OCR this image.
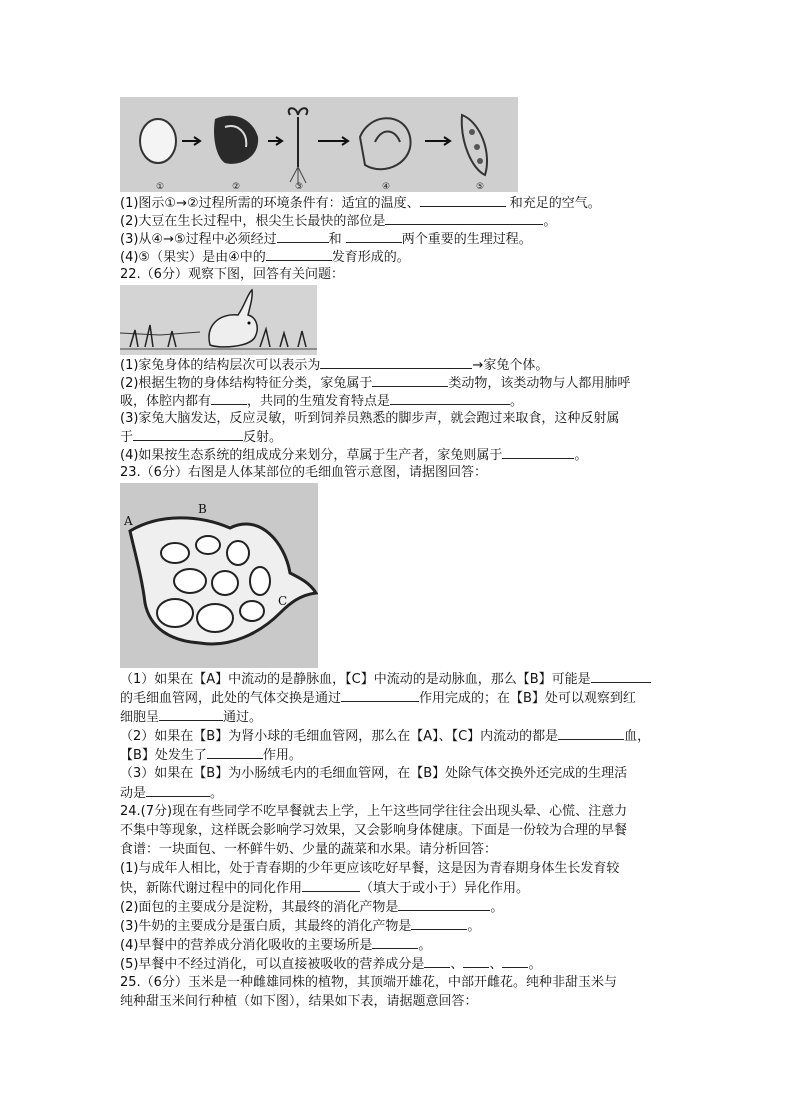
①	②	③	④	⑤
(1)图示①→②过程所需的环境条件有：适宜的温度、	和充足的空气。
(2)大豆在生长过程中，根尖生长最快的部位是	。
(3)从④→⑤过程中必须经过	和	两个重要的生理过程。
(4)⑤（果实）是由④中的	发育形成的。
22.（6分）观察下图，回答有关问题：
(1)家兔身体的结构层次可以表示为	→家兔个体。
(2)根据生物的身体结构特征分类，家兔属于	类动物，该类动物与人都用肺呼
吸，体腔内都有	，共同的生殖发育特点是	。
(3)家兔大脑发达，反应灵敏，听到饲养员熟悉的脚步声，就会跑过来取食，这种反射属
于	反射。
(4)如果按生态系统的组成成分来划分，草属于生产者，家兔则属于	。
23.（6分）右图是人体某部位的毛细血管示意图，请据图回答：
A
B
C
（1）如果在【A】中流动的是静脉血，【C】中流动的是动脉血，那么【B】可能是
的毛细血管网，此处的气体交换是通过	作用完成的；在【B】处可以观察到红
细胞呈	通过。
（2）如果在【B】为肾小球的毛细血管网，那么在【A】、【C】内流动的都是	血，
【B】处发生了	作用。
（3）如果在【B】为小肠绒毛内的毛细血管网，在【B】处除气体交换外还完成的生理活
动是	。
24.(7分)现在有些同学不吃早餐就去上学，上午这些同学往往会出现头晕、心慌、注意力
不集中等现象，这样既会影响学习效果，又会影响身体健康。下面是一份较为合理的早餐
食谱：一块面包、一杯鲜牛奶、少量的蔬菜和水果。请分析回答：
(1)与成年人相比，处于青春期的少年更应该吃好早餐，这是因为青春期身体生长发育较
快，新陈代谢过程中的同化作用	（填大于或小于）异化作用。
(2)面包的主要成分是淀粉，其最终的消化产物是	。
(3)牛奶的主要成分是蛋白质，其最终的消化产物是	。
(4)早餐中的营养成分消化吸收的主要场所是	。
(5)早餐中不经过消化，可以直接被吸收的营养成分是 、 、 。
25.（6分）玉米是一种雌雄同株的植物，其顶端开雄花，中部开雌花。纯种非甜玉米与
纯种甜玉米间行种植（如下图），结果如下表，请据题意回答：
